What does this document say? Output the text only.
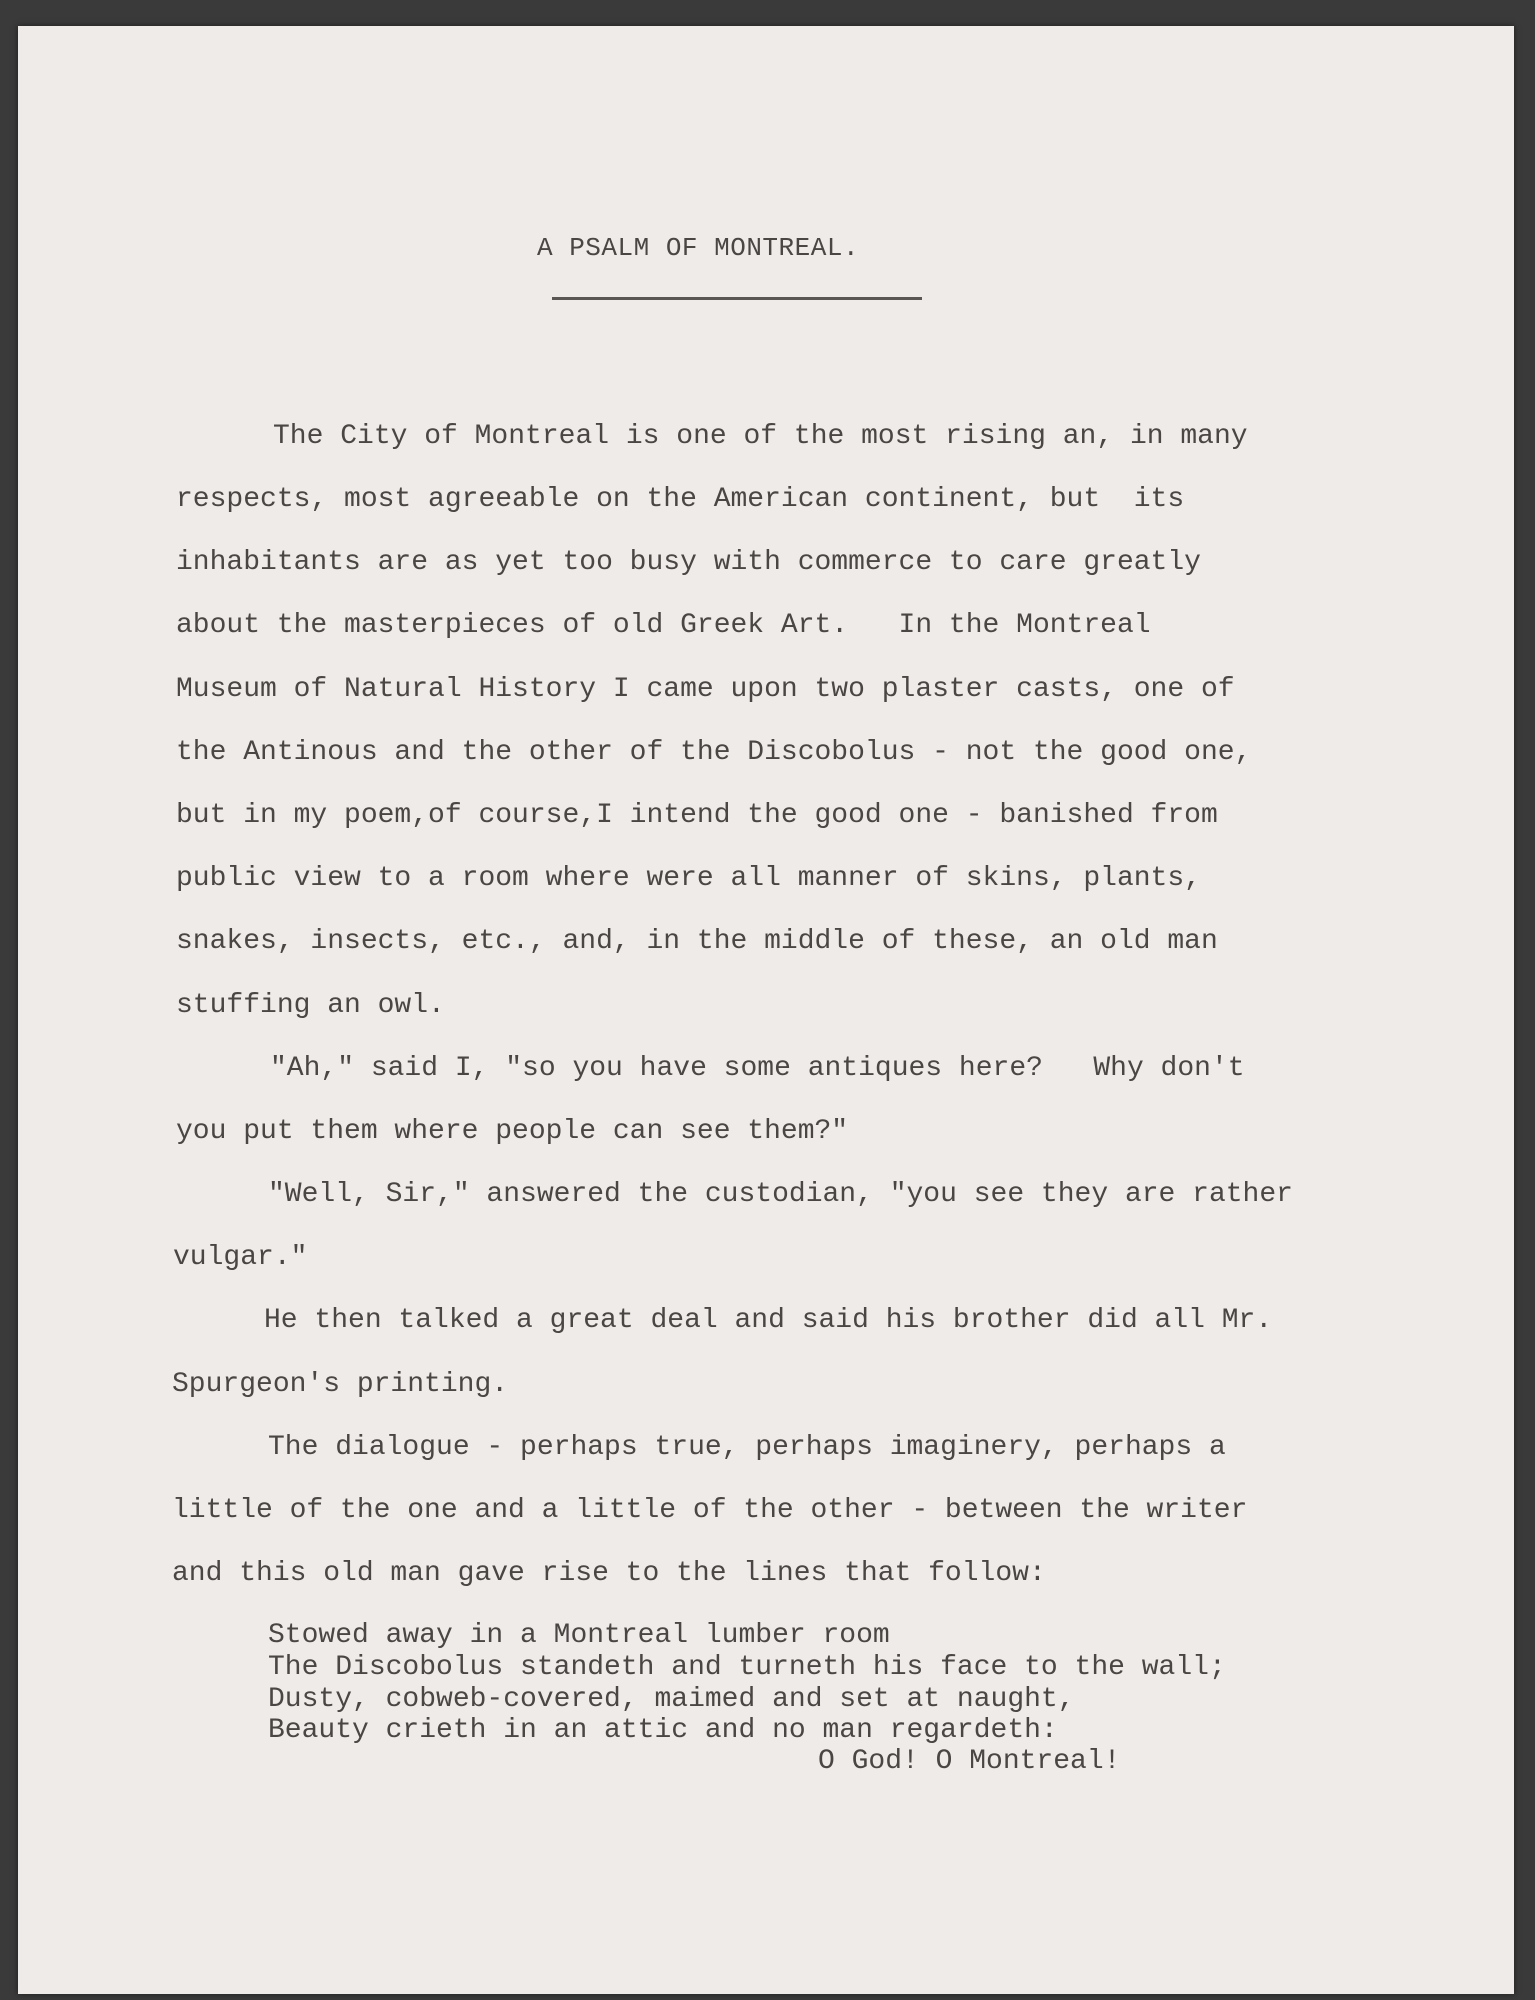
A PSALM OF MONTREAL.
The City of Montreal is one of the most rising an, in many
respects, most agreeable on the American continent, but  its
inhabitants are as yet too busy with commerce to care greatly
about the masterpieces of old Greek Art.   In the Montreal
Museum of Natural History I came upon two plaster casts, one of
the Antinous and the other of the Discobolus - not the good one,
but in my poem,of course,I intend the good one - banished from
public view to a room where were all manner of skins, plants,
snakes, insects, etc., and, in the middle of these, an old man
stuffing an owl.
"Ah," said I, "so you have some antiques here?   Why don't
you put them where people can see them?"
"Well, Sir," answered the custodian, "you see they are rather
vulgar."
He then talked a great deal and said his brother did all Mr.
Spurgeon's printing.
The dialogue - perhaps true, perhaps imaginery, perhaps a
little of the one and a little of the other - between the writer
and this old man gave rise to the lines that follow:
Stowed away in a Montreal lumber room
The Discobolus standeth and turneth his face to the wall;
Dusty, cobweb-covered, maimed and set at naught,
Beauty crieth in an attic and no man regardeth:
O God! O Montreal!
